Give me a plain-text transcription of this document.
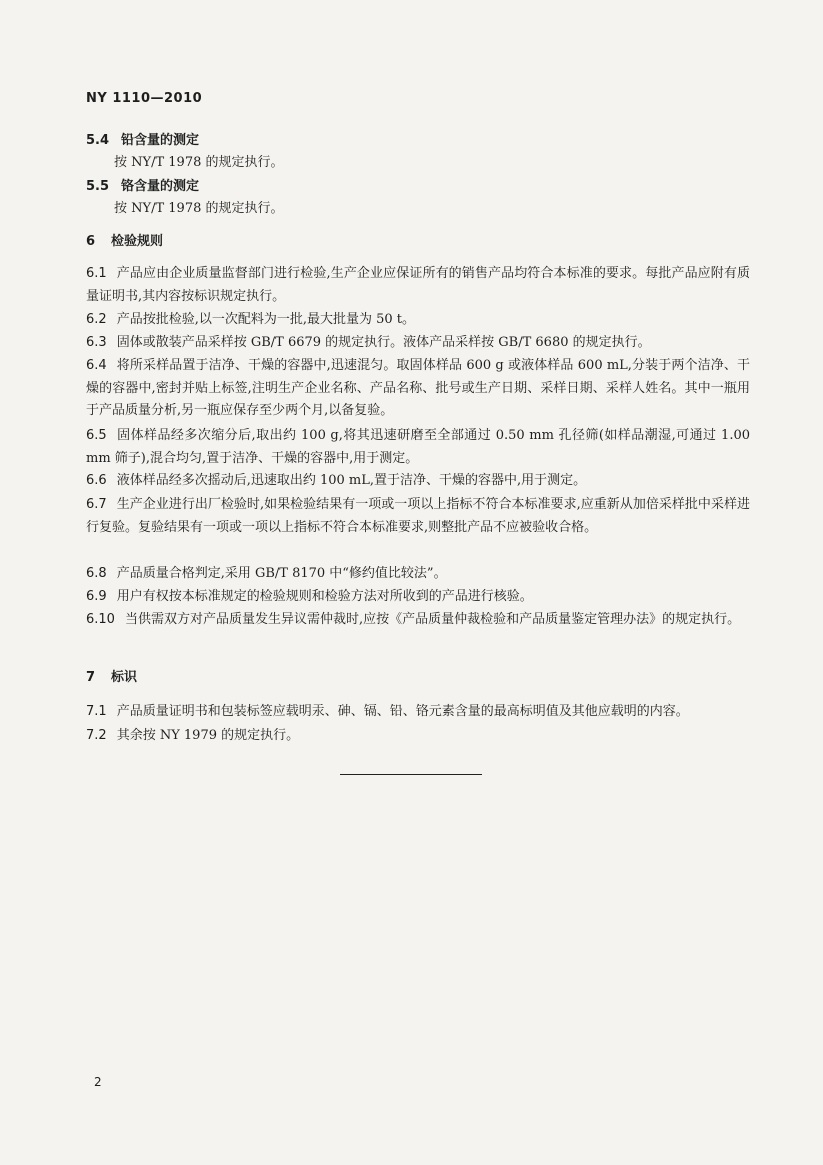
NY 1110—2010
5.4 铅含量的测定
按 NY/T 1978 的规定执行。
5.5 铬含量的测定
按 NY/T 1978 的规定执行。
6 检验规则
6.1 产品应由企业质量监督部门进行检验,生产企业应保证所有的销售产品均符合本标准的要求。每批产品应附有质量证明书,其内容按标识规定执行。
6.2 产品按批检验,以一次配料为一批,最大批量为 50 t。
6.3 固体或散装产品采样按 GB/T 6679 的规定执行。液体产品采样按 GB/T 6680 的规定执行。
6.4 将所采样品置于洁净、干燥的容器中,迅速混匀。取固体样品 600 g 或液体样品 600 mL,分装于两个洁净、干燥的容器中,密封并贴上标签,注明生产企业名称、产品名称、批号或生产日期、采样日期、采样人姓名。其中一瓶用于产品质量分析,另一瓶应保存至少两个月,以备复验。
6.5 固体样品经多次缩分后,取出约 100 g,将其迅速研磨至全部通过 0.50 mm 孔径筛(如样品潮湿,可通过 1.00 mm 筛子),混合均匀,置于洁净、干燥的容器中,用于测定。
6.6 液体样品经多次摇动后,迅速取出约 100 mL,置于洁净、干燥的容器中,用于测定。
6.7 生产企业进行出厂检验时,如果检验结果有一项或一项以上指标不符合本标准要求,应重新从加倍采样批中采样进行复验。复验结果有一项或一项以上指标不符合本标准要求,则整批产品不应被验收合格。
6.8 产品质量合格判定,采用 GB/T 8170 中“修约值比较法”。
6.9 用户有权按本标准规定的检验规则和检验方法对所收到的产品进行核验。
6.10 当供需双方对产品质量发生异议需仲裁时,应按《产品质量仲裁检验和产品质量鉴定管理办法》的规定执行。
7 标识
7.1 产品质量证明书和包装标签应载明汞、砷、镉、铅、铬元素含量的最高标明值及其他应载明的内容。
7.2 其余按 NY 1979 的规定执行。
2
